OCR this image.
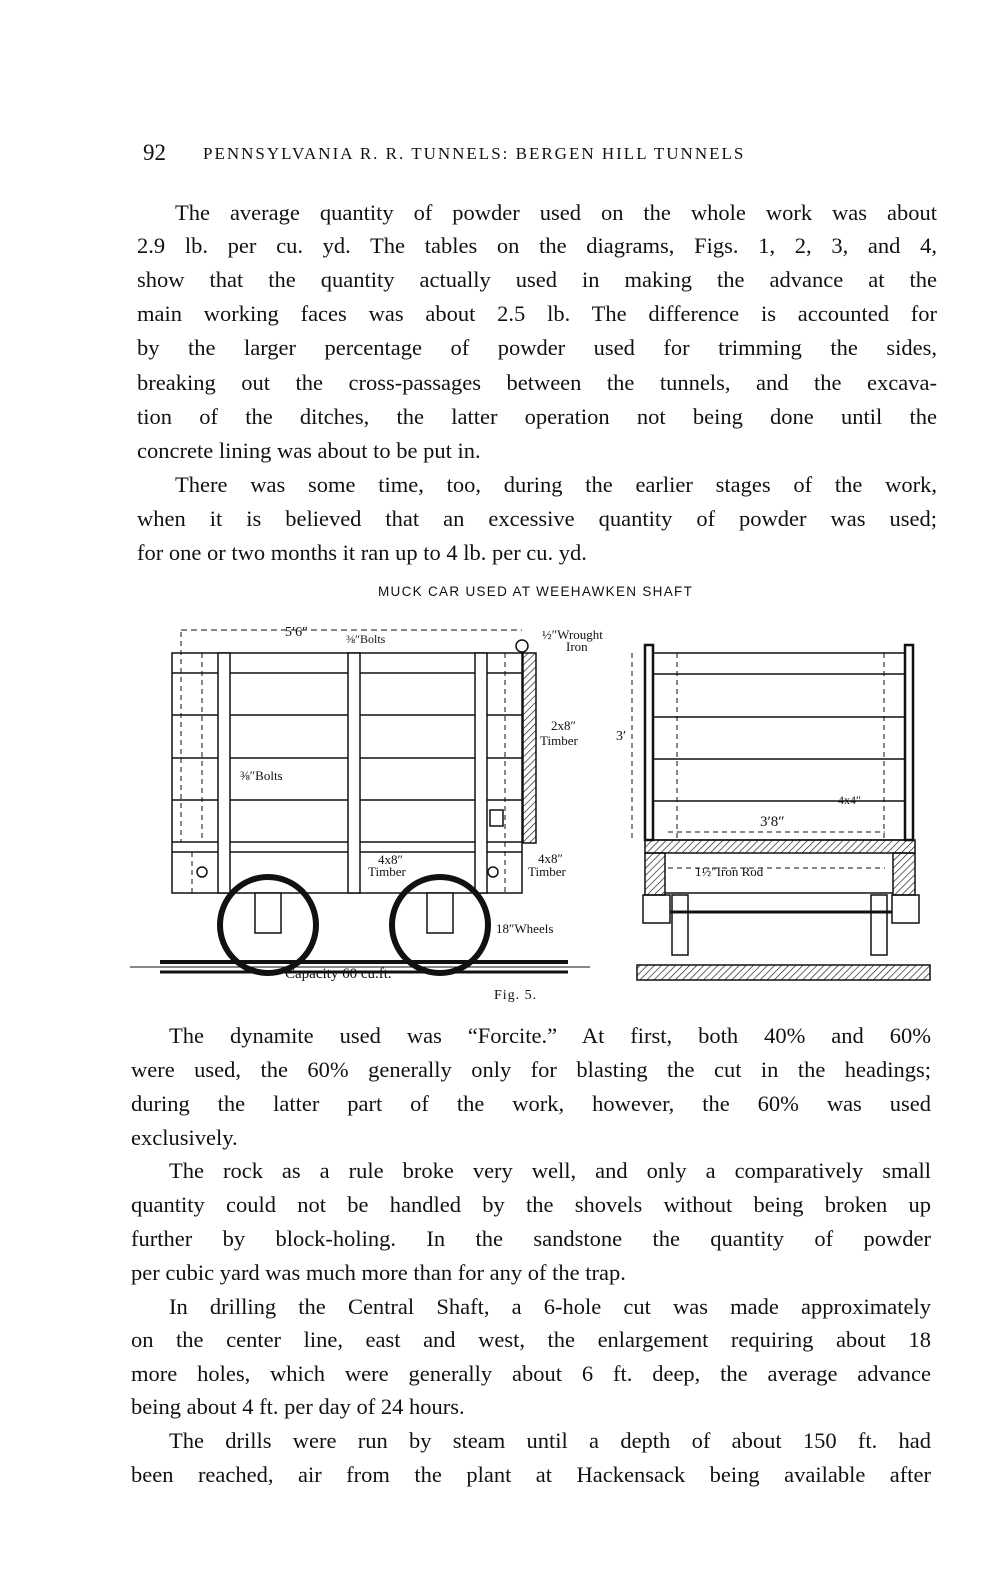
92 PENNSYLVANIA R. R. TUNNELS: BERGEN HILL TUNNELS
The average quantity of powder used on the whole work was about
2.9 lb. per cu. yd. The tables on the diagrams, Figs. 1, 2, 3, and 4,
show that the quantity actually used in making the advance at the
main working faces was about 2.5 lb. The difference is accounted for
by the larger percentage of powder used for trimming the sides,
breaking out the cross-passages between the tunnels, and the excava-
tion of the ditches, the latter operation not being done until the
concrete lining was about to be put in.
There was some time, too, during the earlier stages of the work,
when it is believed that an excessive quantity of powder was used;
for one or two months it ran up to 4 lb. per cu. yd.
MUCK CAR USED AT WEEHAWKEN SHAFT
5′6″	⅜″Bolts	½″Wrought
Iron
2x8″
Timber
⅜″Bolts
4x8″
Timber
4x8″
Timber
18″Wheels
Capacity 60 cu.ft.
3′
3′8″
4x4″
1½″Iron Rod
Fig. 5.
The dynamite used was “Forcite.” At first, both 40% and 60%
were used, the 60% generally only for blasting the cut in the headings;
during the latter part of the work, however, the 60% was used
exclusively.
The rock as a rule broke very well, and only a comparatively small
quantity could not be handled by the shovels without being broken up
further by block-holing. In the sandstone the quantity of powder
per cubic yard was much more than for any of the trap.
In drilling the Central Shaft, a 6-hole cut was made approximately
on the center line, east and west, the enlargement requiring about 18
more holes, which were generally about 6 ft. deep, the average advance
being about 4 ft. per day of 24 hours.
The drills were run by steam until a depth of about 150 ft. had
been reached, air from the plant at Hackensack being available after
